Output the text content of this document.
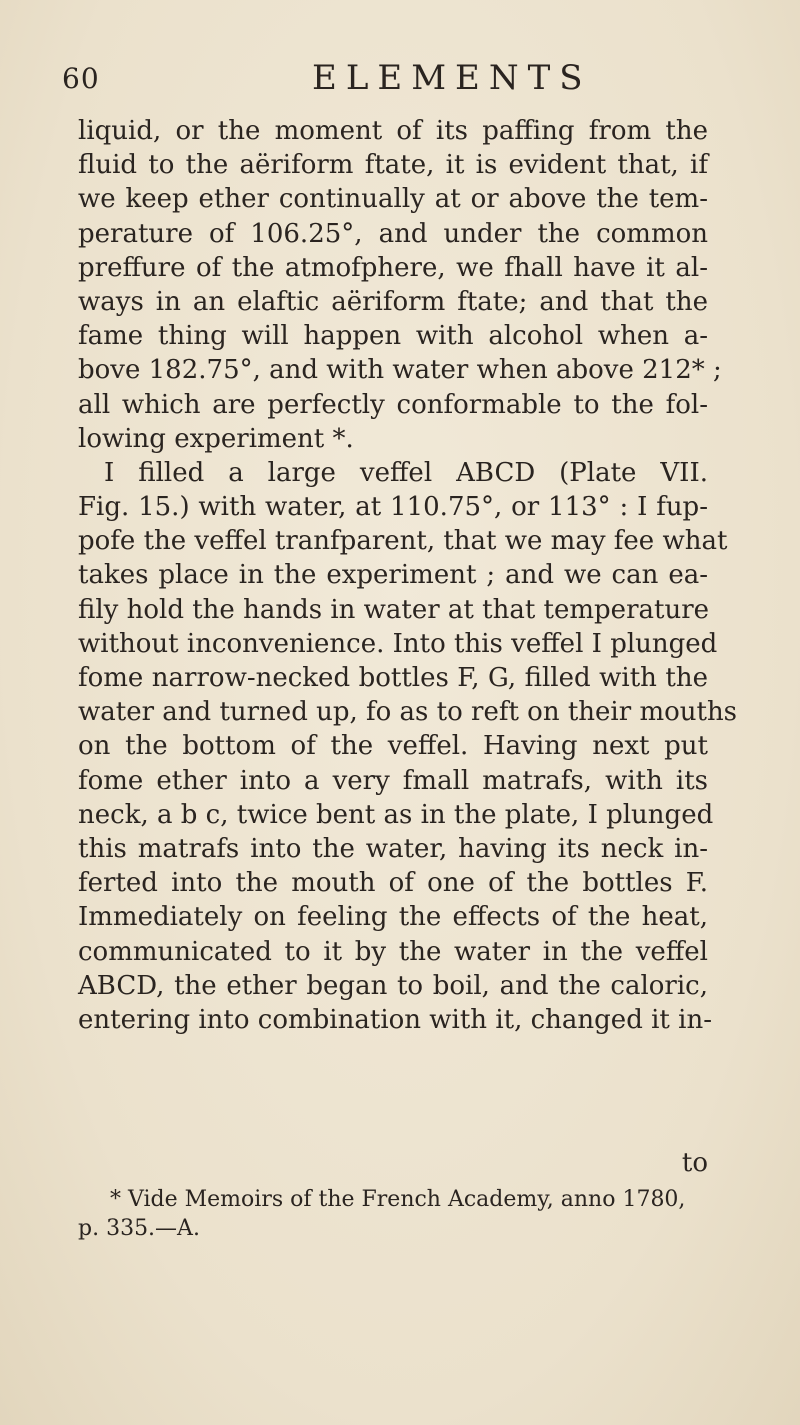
60	ELEMENTS
liquid, or the moment of its paffing from the
fluid to the aëriform ftate, it is evident that, if
we keep ether continually at or above the tem-
perature of 106.25°, and under the common
preffure of the atmofphere, we fhall have it al-
ways in an elaftic aëriform ftate; and that the
fame thing will happen with alcohol when a-
bove 182.75°, and with water when above 212* ;
all which are perfectly conformable to the fol-
lowing experiment *.
I filled a large veffel ABCD (Plate VII.
Fig. 15.) with water, at 110.75°, or 113° : I fup-
pofe the veffel tranfparent, that we may fee what
takes place in the experiment ; and we can ea-
fily hold the hands in water at that temperature
without inconvenience. Into this veffel I plunged
fome narrow-necked bottles F, G, filled with the
water and turned up, fo as to reft on their mouths
on the bottom of the veffel. Having next put
fome ether into a very fmall matrafs, with its
neck, a b c, twice bent as in the plate, I plunged
this matrafs into the water, having its neck in-
ferted into the mouth of one of the bottles F.
Immediately on feeling the effects of the heat,
communicated to it by the water in the veffel
ABCD, the ether began to boil, and the caloric,
entering into combination with it, changed it in-
to
* Vide Memoirs of the French Academy, anno 1780,
p. 335.—A.
